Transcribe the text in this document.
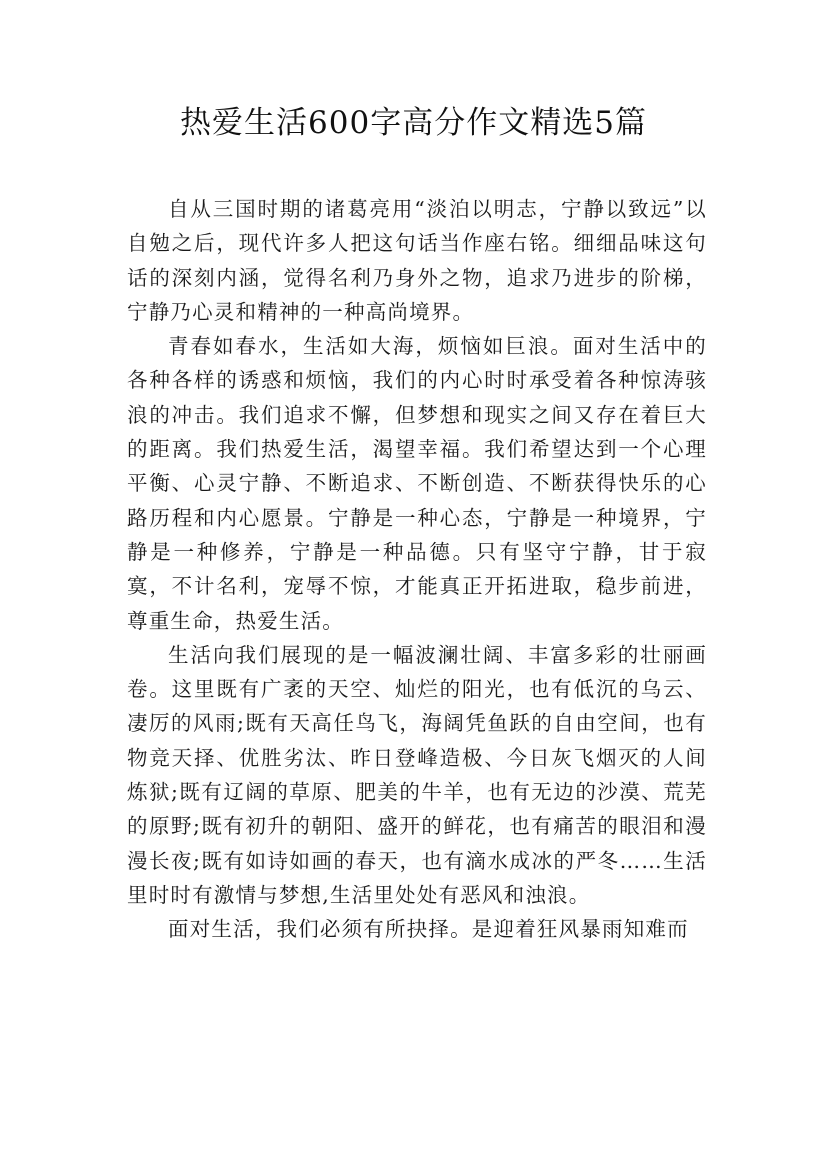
热爱生活600字高分作文精选5篇

自从三国时期的诸葛亮用“淡泊以明志，宁静以致远”以自勉之后，现代许多人把这句话当作座右铭。细细品味这句话的深刻内涵，觉得名利乃身外之物，追求乃进步的阶梯，宁静乃心灵和精神的一种高尚境界。

青春如春水，生活如大海，烦恼如巨浪。面对生活中的各种各样的诱惑和烦恼，我们的内心时时承受着各种惊涛骇浪的冲击。我们追求不懈，但梦想和现实之间又存在着巨大的距离。我们热爱生活，渴望幸福。我们希望达到一个心理平衡、心灵宁静、不断追求、不断创造、不断获得快乐的心路历程和内心愿景。宁静是一种心态，宁静是一种境界，宁静是一种修养，宁静是一种品德。只有坚守宁静，甘于寂寞，不计名利，宠辱不惊，才能真正开拓进取，稳步前进，尊重生命，热爱生活。

生活向我们展现的是一幅波澜壮阔、丰富多彩的壮丽画卷。这里既有广袤的天空、灿烂的阳光，也有低沉的乌云、凄厉的风雨;既有天高任鸟飞，海阔凭鱼跃的自由空间，也有物竞天择、优胜劣汰、昨日登峰造极、今日灰飞烟灭的人间炼狱;既有辽阔的草原、肥美的牛羊，也有无边的沙漠、荒芜的原野;既有初升的朝阳、盛开的鲜花，也有痛苦的眼泪和漫漫长夜;既有如诗如画的春天，也有滴水成冰的严冬……生活里时时有激情与梦想,生活里处处有恶风和浊浪。

面对生活，我们必须有所抉择。是迎着狂风暴雨知难而
